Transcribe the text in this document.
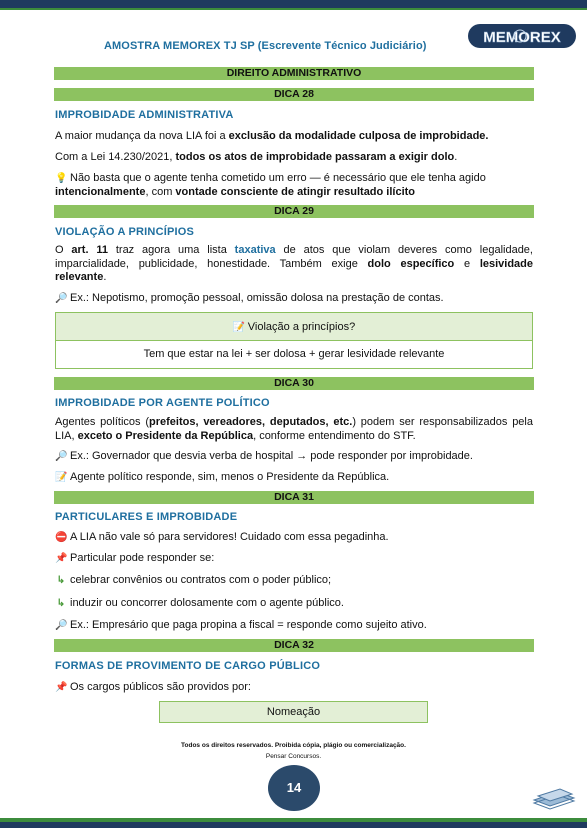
AMOSTRA MEMOREX TJ SP (Escrevente Técnico Judiciário)	MEMOREX
DIREITO ADMINISTRATIVO
DICA 28
IMPROBIDADE ADMINISTRATIVA
A maior mudança da nova LIA foi a exclusão da modalidade culposa de improbidade.
Com a Lei 14.230/2021, todos os atos de improbidade passaram a exigir dolo.
💡 Não basta que o agente tenha cometido um erro — é necessário que ele tenha agido intencionalmente, com vontade consciente de atingir resultado ilícito
DICA 29
VIOLAÇÃO A PRINCÍPIOS
O art. 11 traz agora uma lista taxativa de atos que violam deveres como legalidade, imparcialidade, publicidade, honestidade. Também exige dolo específico e lesividade relevante.
🔎 Ex.: Nepotismo, promoção pessoal, omissão dolosa na prestação de contas.
📝 Violação a princípios?
Tem que estar na lei + ser dolosa + gerar lesividade relevante
DICA 30
IMPROBIDADE POR AGENTE POLÍTICO
Agentes políticos (prefeitos, vereadores, deputados, etc.) podem ser responsabilizados pela LIA, exceto o Presidente da República, conforme entendimento do STF.
🔎 Ex.: Governador que desvia verba de hospital → pode responder por improbidade.
📝 Agente político responde, sim, menos o Presidente da República.
DICA 31
PARTICULARES E IMPROBIDADE
⛔ A LIA não vale só para servidores! Cuidado com essa pegadinha.
📌 Particular pode responder se:
↳ celebrar convênios ou contratos com o poder público;
↳ induzir ou concorrer dolosamente com o agente público.
🔎 Ex.: Empresário que paga propina a fiscal = responde como sujeito ativo.
DICA 32
FORMAS DE PROVIMENTO DE CARGO PÚBLICO
📌 Os cargos públicos são providos por:
Nomeação
Todos os direitos reservados. Proibida cópia, plágio ou comercialização.
Pensar Concursos.
14
